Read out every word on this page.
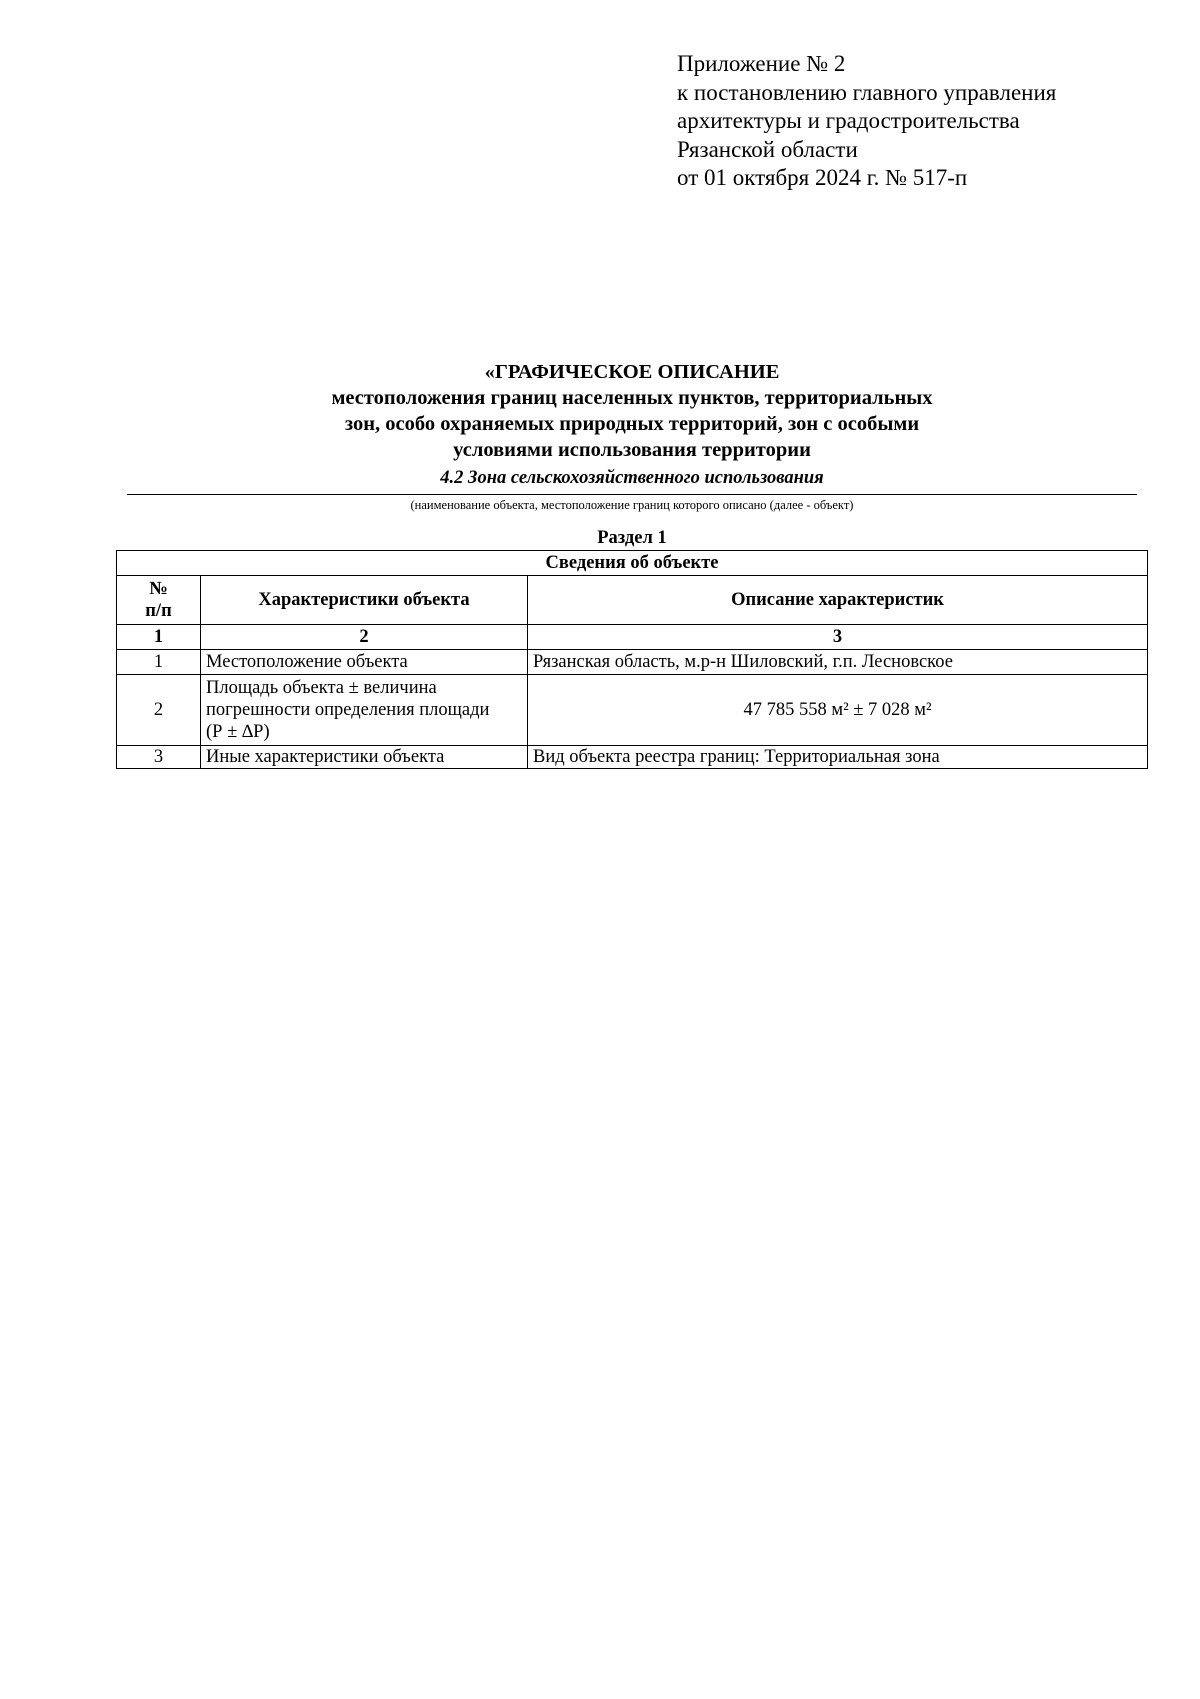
Приложение № 2
к постановлению главного управления
архитектуры и градостроительства
Рязанской области
от 01 октября 2024 г. № 517-п
«ГРАФИЧЕСКОЕ ОПИСАНИЕ
местоположения границ населенных пунктов, территориальных
зон, особо охраняемых природных территорий, зон с особыми
условиями использования территории
4.2 Зона сельскохозяйственного использования
(наименование объекта, местоположение границ которого описано (далее - объект)
Раздел 1
Сведения об объекте		

№
п/п	Характеристики объекта	Описание характеристик
1	2	3
1	Местоположение объекта	Рязанская область, м.р-н Шиловский, г.п. Лесновское
2	Площадь объекта ± величина
погрешности определения площади
(Р ± ∆Р)	47 785 558 м² ± 7 028 м²
3	Иные характеристики объекта	Вид объекта реестра границ: Территориальная зона
